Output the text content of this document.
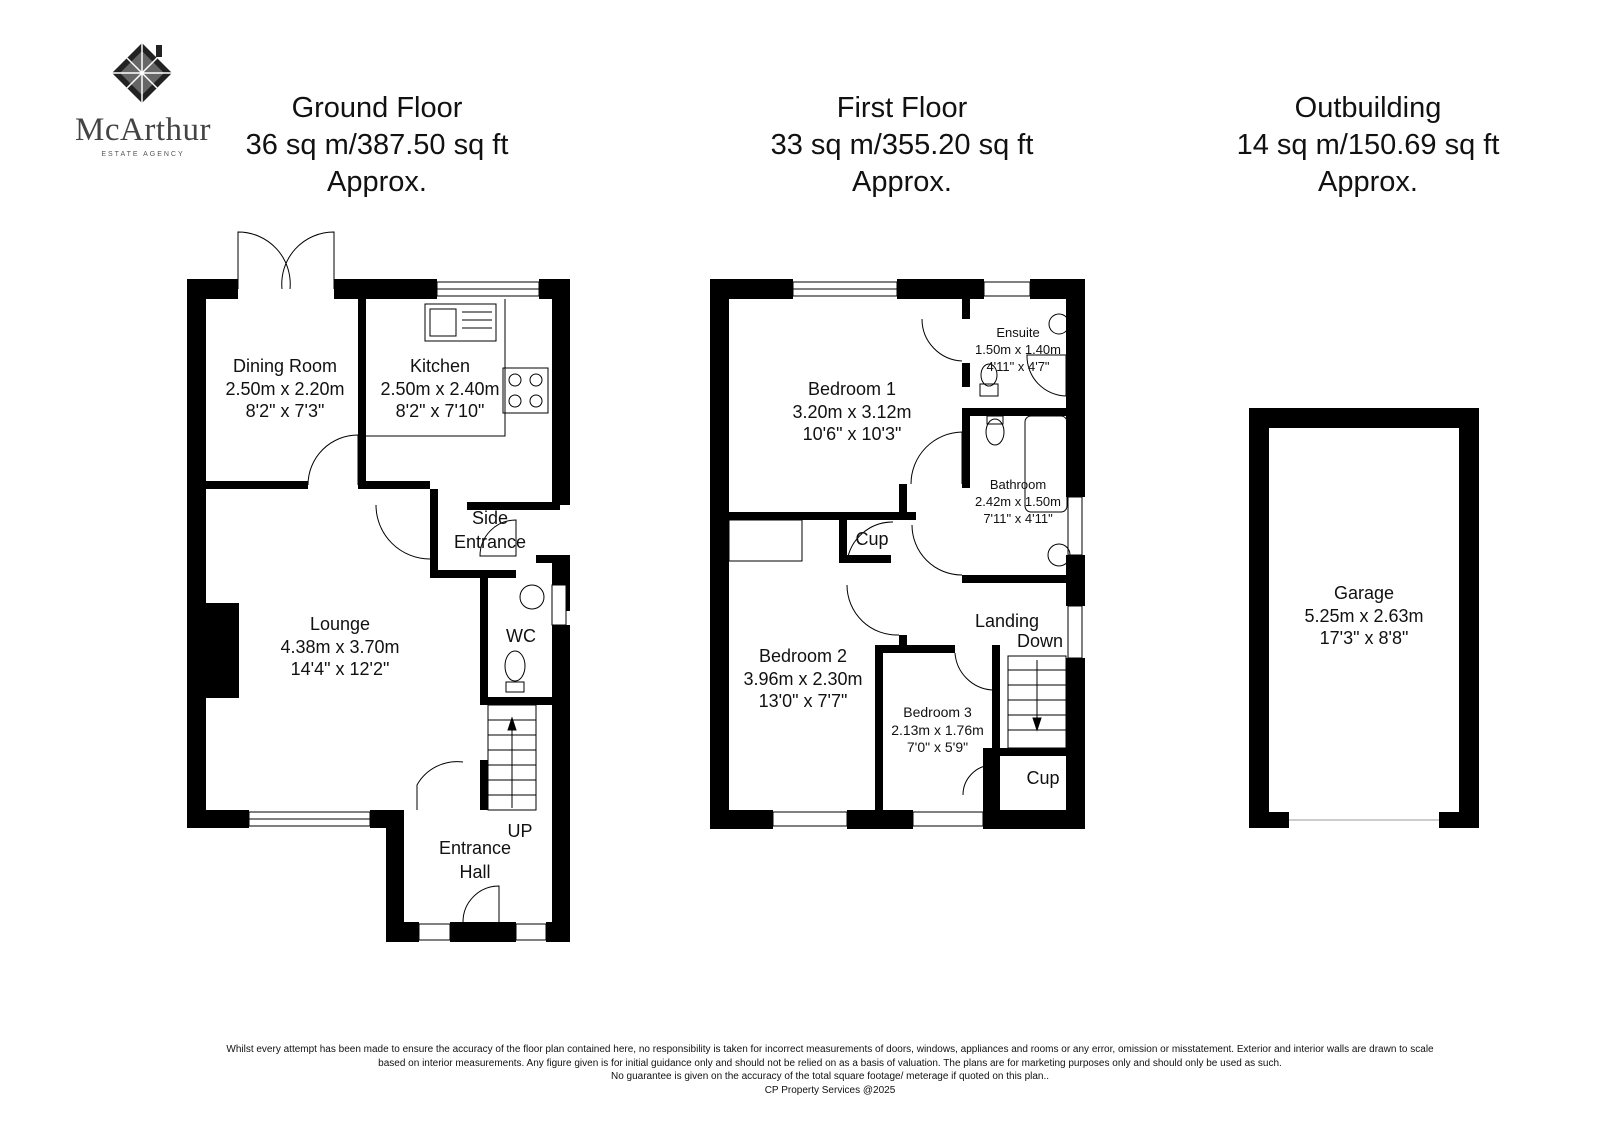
McArthur
ESTATE AGENCY
Ground Floor
36 sq m/387.50 sq ft
Approx.
First Floor
33 sq m/355.20 sq ft
Approx.
Outbuilding
14 sq m/150.69 sq ft
Approx.
Dining Room
2.50m x 2.20m
8'2" x 7'3"
Kitchen
2.50m x 2.40m
8'2" x 7'10"
Side
Entrance
Lounge
4.38m x 3.70m
14'4" x 12'2"
WC
UP
Entrance
Hall
Bedroom 1
3.20m x 3.12m
10'6" x 10'3"
Ensuite
1.50m x 1.40m
4'11" x 4'7"
Bathroom
2.42m x 1.50m
7'11" x 4'11"
Cup
Landing
Down
Bedroom 2
3.96m x 2.30m
13'0" x 7'7"
Bedroom 3
2.13m x 1.76m
7'0" x 5'9"
Cup
Garage
5.25m x 2.63m
17'3" x 8'8"
Whilst every attempt has been made to ensure the accuracy of the floor plan contained here, no responsibility is taken for incorrect measurements of doors, windows, appliances and rooms or any error, omission or misstatement. Exterior and interior walls are drawn to scale
based on interior measurements. Any figure given is for initial guidance only and should not be relied on as a basis of valuation. The plans are for marketing purposes only and should only be used as such.
No guarantee is given on the accuracy of the total square footage/ meterage if quoted on this plan..
CP Property Services @2025
